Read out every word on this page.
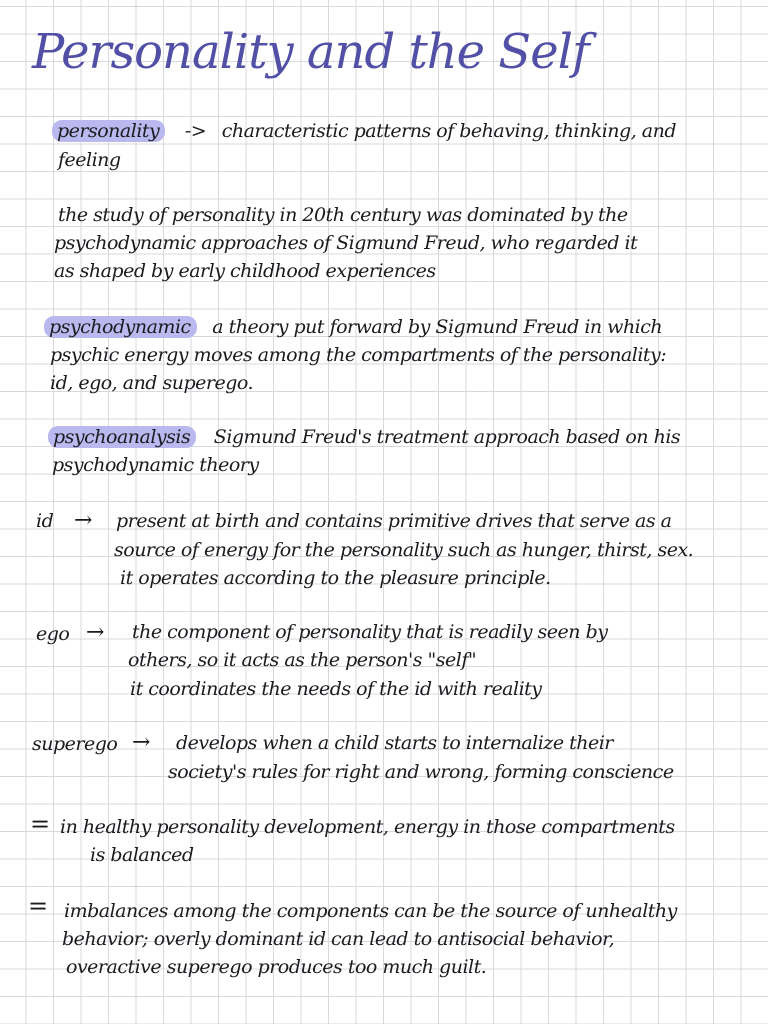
Personality and the Self
personality -> characteristic patterns of behaving, thinking, and
feeling
the study of personality in 20th century was dominated by the
psychodynamic approaches of Sigmund Freud, who regarded it
as shaped by early childhood experiences
psychodynamic a theory put forward by Sigmund Freud in which
psychic energy moves among the compartments of the personality:
id, ego, and superego.
psychoanalysis Sigmund Freud's treatment approach based on his
psychodynamic theory
id → present at birth and contains primitive drives that serve as a
source of energy for the personality such as hunger, thirst, sex.
it operates according to the pleasure principle.
ego → the component of personality that is readily seen by
others, so it acts as the person's "self"
it coordinates the needs of the id with reality
superego → develops when a child starts to internalize their
society's rules for right and wrong, forming conscience
= in healthy personality development, energy in those compartments
is balanced
= imbalances among the components can be the source of unhealthy
behavior; overly dominant id can lead to antisocial behavior,
overactive superego produces too much guilt.
